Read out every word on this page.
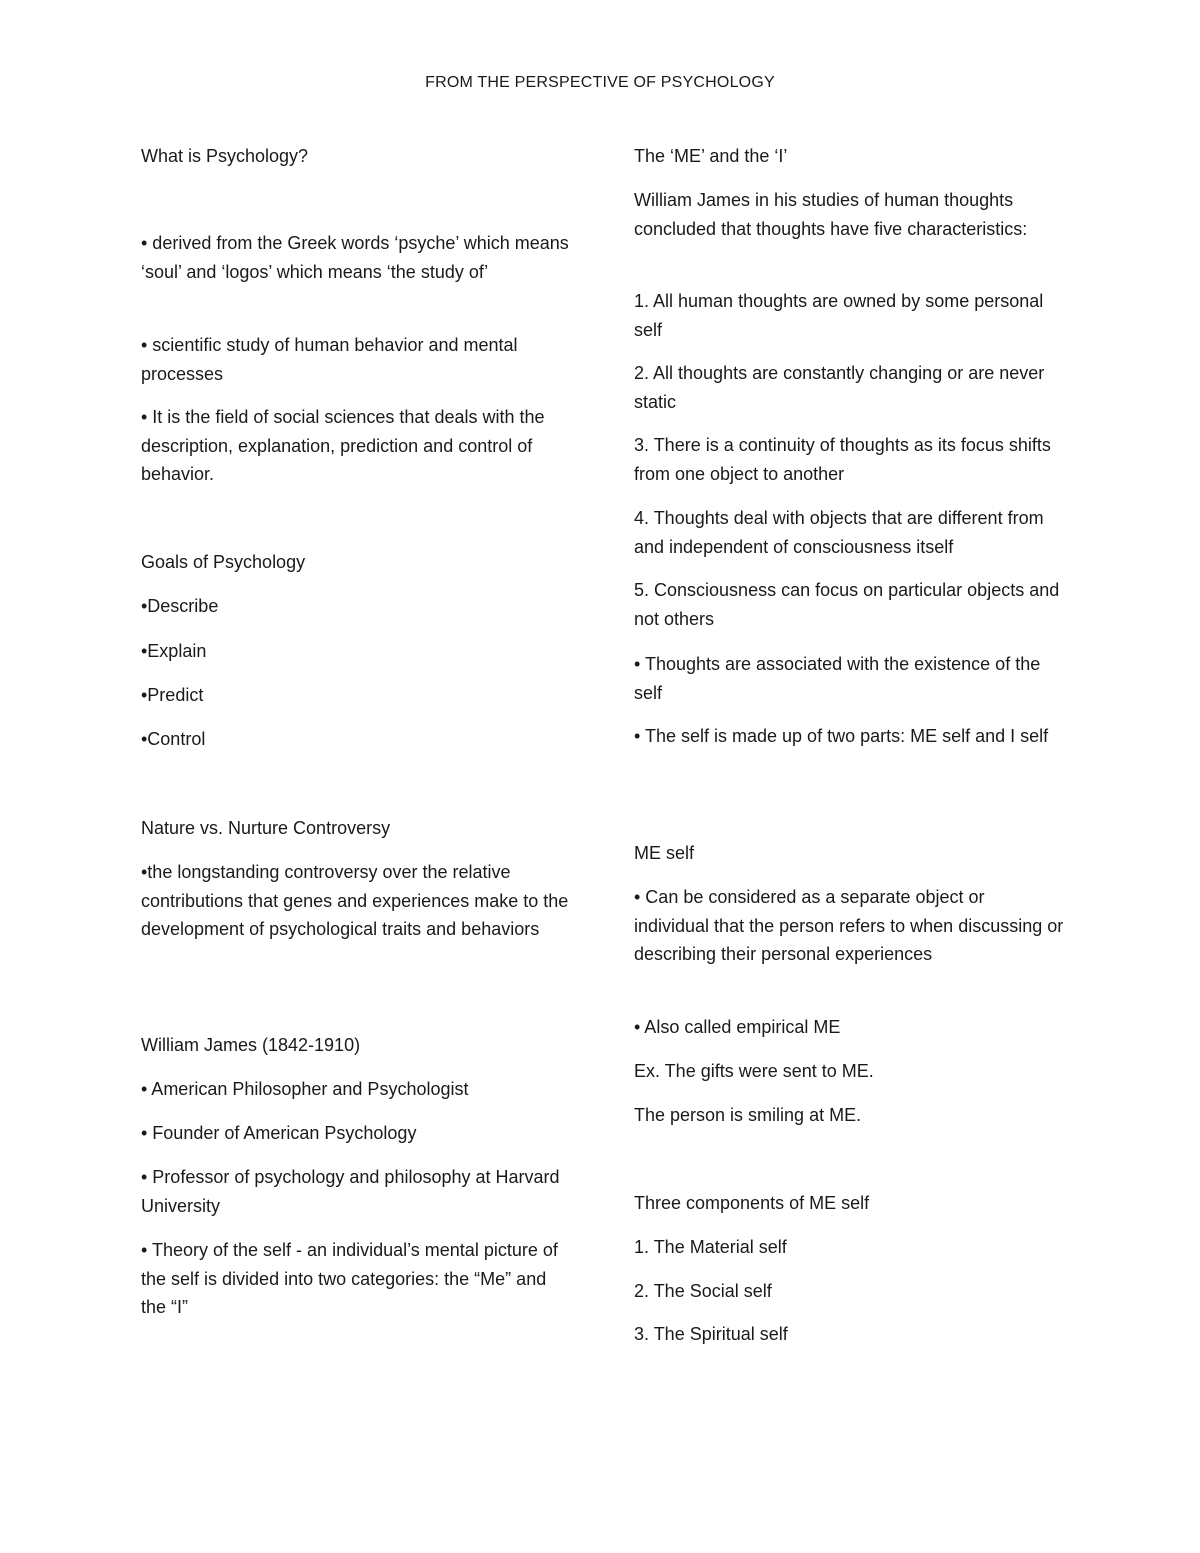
FROM THE PERSPECTIVE OF PSYCHOLOGY

What is Psychology?

• derived from the Greek words ‘psyche’ which means ‘soul’ and ‘logos’ which means ‘the study of’

• scientific study of human behavior and mental processes

• It is the field of social sciences that deals with the description, explanation, prediction and control of behavior.

Goals of Psychology

•Describe

•Explain

•Predict

•Control

Nature vs. Nurture Controversy

•the longstanding controversy over the relative contributions that genes and experiences make to the development of psychological traits and behaviors

William James (1842-1910)

• American Philosopher and Psychologist

• Founder of American Psychology

• Professor of psychology and philosophy at Harvard University

• Theory of the self - an individual’s mental picture of the self is divided into two categories: the “Me” and the “I”

The ‘ME’ and the ‘I’

William James in his studies of human thoughts concluded that thoughts have five characteristics:

1. All human thoughts are owned by some personal self

2. All thoughts are constantly changing or are never static

3. There is a continuity of thoughts as its focus shifts from one object to another

4. Thoughts deal with objects that are different from and independent of consciousness itself

5. Consciousness can focus on particular objects and not others

• Thoughts are associated with the existence of the self

• The self is made up of two parts: ME self and I self

ME self

• Can be considered as a separate object or individual that the person refers to when discussing or describing their personal experiences

• Also called empirical ME

Ex. The gifts were sent to ME.

The person is smiling at ME.

Three components of ME self

1. The Material self

2. The Social self

3. The Spiritual self
